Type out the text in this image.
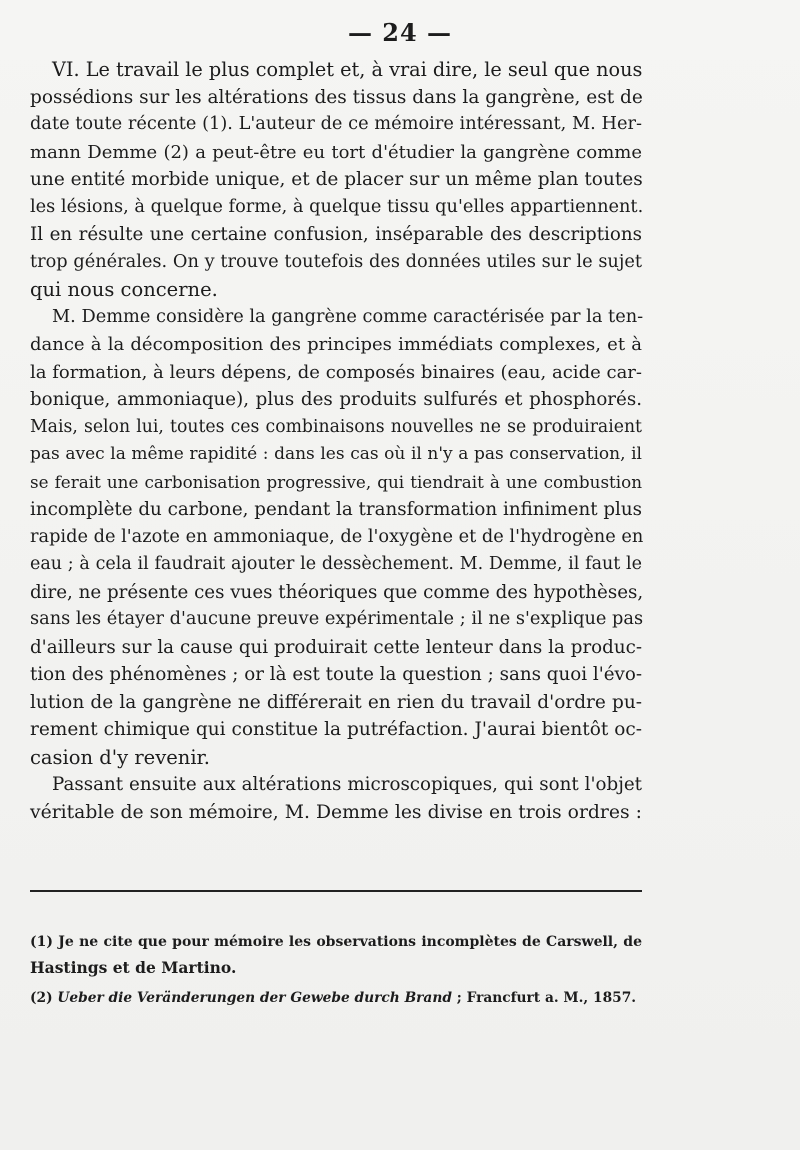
— 24 —
VI. Le travail le plus complet et, à vrai dire, le seul que nous
possédions sur les altérations des tissus dans la gangrène, est de
date toute récente (1). L'auteur de ce mémoire intéressant, M. Her-
mann Demme (2) a peut-être eu tort d'étudier la gangrène comme
une entité morbide unique, et de placer sur un même plan toutes
les lésions, à quelque forme, à quelque tissu qu'elles appartiennent.
Il en résulte une certaine confusion, inséparable des descriptions
trop générales. On y trouve toutefois des données utiles sur le sujet
qui nous concerne.
M. Demme considère la gangrène comme caractérisée par la ten-
dance à la décomposition des principes immédiats complexes, et à
la formation, à leurs dépens, de composés binaires (eau, acide car-
bonique, ammoniaque), plus des produits sulfurés et phosphorés.
Mais, selon lui, toutes ces combinaisons nouvelles ne se produiraient
pas avec la même rapidité : dans les cas où il n'y a pas conservation, il
se ferait une carbonisation progressive, qui tiendrait à une combustion
incomplète du carbone, pendant la transformation infiniment plus
rapide de l'azote en ammoniaque, de l'oxygène et de l'hydrogène en
eau ; à cela il faudrait ajouter le dessèchement. M. Demme, il faut le
dire, ne présente ces vues théoriques que comme des hypothèses,
sans les étayer d'aucune preuve expérimentale ; il ne s'explique pas
d'ailleurs sur la cause qui produirait cette lenteur dans la produc-
tion des phénomènes ; or là est toute la question ; sans quoi l'évo-
lution de la gangrène ne différerait en rien du travail d'ordre pu-
rement chimique qui constitue la putréfaction. J'aurai bientôt oc-
casion d'y revenir.
Passant ensuite aux altérations microscopiques, qui sont l'objet
véritable de son mémoire, M. Demme les divise en trois ordres :
(1) Je ne cite que pour mémoire les observations incomplètes de Carswell, de
Hastings et de Martino.
(2) Ueber die Veränderungen der Gewebe durch Brand ; Francfurt a. M., 1857.
